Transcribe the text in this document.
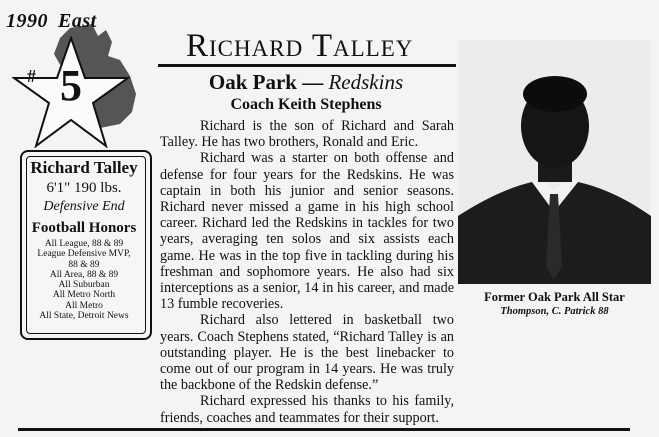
1990 East
# 5
Richard Talley
Oak Park — Redskins
Coach Keith Stephens
Richard Talley
6'1" 190 lbs.
Defensive End
Football Honors
All League, 88 & 89
League Defensive MVP,
88 & 89
All Area, 88 & 89
All Suburban
All Metro North
All Metro
All State, Detroit News

Richard is the son of Richard and Sarah Talley. He has two brothers, Ronald and Eric.

Richard was a starter on both offense and defense for four years for the Redskins. He was captain in both his junior and senior seasons. Richard never missed a game in his high school career. Richard led the Redskins in tackles for two years, averaging ten solos and six assists each game. He was in the top five in tackling during his freshman and sophomore years. He also had six interceptions as a senior, 14 in his career, and made 13 fumble recoveries.

Richard also lettered in basketball two years. Coach Stephens stated, “Richard Talley is an outstanding player. He is the best linebacker to come out of our program in 14 years. He was truly the backbone of the Redskin defense.”

Richard expressed his thanks to his family, friends, coaches and teammates for their support.

Former Oak Park All Star
Thompson, C. Patrick 88
